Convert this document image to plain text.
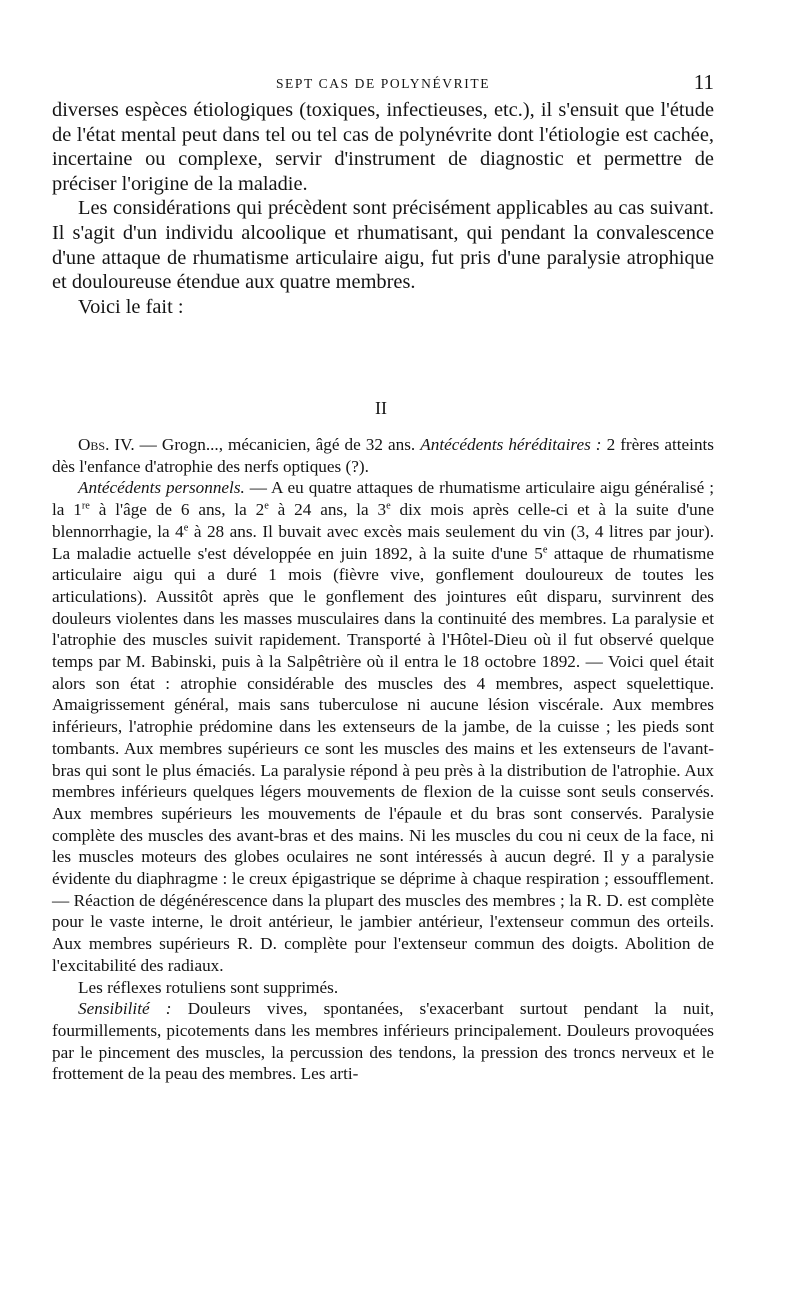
SEPT CAS DE POLYNÉVRITE	11

diverses espèces étiologiques (toxiques, infectieuses, etc.), il s'ensuit que l'étude de l'état mental peut dans tel ou tel cas de polynévrite dont l'étiologie est cachée, incertaine ou complexe, servir d'instrument de diagnostic et permettre de préciser l'origine de la maladie.

Les considérations qui précèdent sont précisément applicables au cas suivant. Il s'agit d'un individu alcoolique et rhumatisant, qui pendant la convalescence d'une attaque de rhumatisme articulaire aigu, fut pris d'une paralysie atrophique et douloureuse étendue aux quatre membres.

Voici le fait :

II

Obs. IV. — Grogn..., mécanicien, âgé de 32 ans. Antécédents héréditaires : 2 frères atteints dès l'enfance d'atrophie des nerfs optiques (?).

Antécédents personnels. — A eu quatre attaques de rhumatisme articulaire aigu généralisé ; la 1re à l'âge de 6 ans, la 2e à 24 ans, la 3e dix mois après celle-ci et à la suite d'une blennorrhagie, la 4e à 28 ans. Il buvait avec excès mais seulement du vin (3, 4 litres par jour). La maladie actuelle s'est développée en juin 1892, à la suite d'une 5e attaque de rhumatisme articulaire aigu qui a duré 1 mois (fièvre vive, gonflement douloureux de toutes les articulations). Aussitôt après que le gonflement des jointures eût disparu, survinrent des douleurs violentes dans les masses musculaires dans la continuité des membres. La paralysie et l'atrophie des muscles suivit rapidement. Transporté à l'Hôtel-Dieu où il fut observé quelque temps par M. Babinski, puis à la Salpêtrière où il entra le 18 octobre 1892. — Voici quel était alors son état : atrophie considérable des muscles des 4 membres, aspect squelettique. Amaigrissement général, mais sans tuberculose ni aucune lésion viscérale. Aux membres inférieurs, l'atrophie prédomine dans les extenseurs de la jambe, de la cuisse ; les pieds sont tombants. Aux membres supérieurs ce sont les muscles des mains et les extenseurs de l'avant-bras qui sont le plus émaciés. La paralysie répond à peu près à la distribution de l'atrophie. Aux membres inférieurs quelques légers mouvements de flexion de la cuisse sont seuls conservés. Aux membres supérieurs les mouvements de l'épaule et du bras sont conservés. Paralysie complète des muscles des avant-bras et des mains. Ni les muscles du cou ni ceux de la face, ni les muscles moteurs des globes oculaires ne sont intéressés à aucun degré. Il y a paralysie évidente du diaphragme : le creux épigastrique se déprime à chaque respiration ; essoufflement. — Réaction de dégénérescence dans la plupart des muscles des membres ; la R. D. est complète pour le vaste interne, le droit antérieur, le jambier antérieur, l'extenseur commun des orteils. Aux membres supérieurs R. D. complète pour l'extenseur commun des doigts. Abolition de l'excitabilité des radiaux.

Les réflexes rotuliens sont supprimés.

Sensibilité : Douleurs vives, spontanées, s'exacerbant surtout pendant la nuit, fourmillements, picotements dans les membres inférieurs principalement. Douleurs provoquées par le pincement des muscles, la percussion des tendons, la pression des troncs nerveux et le frottement de la peau des membres. Les arti-
